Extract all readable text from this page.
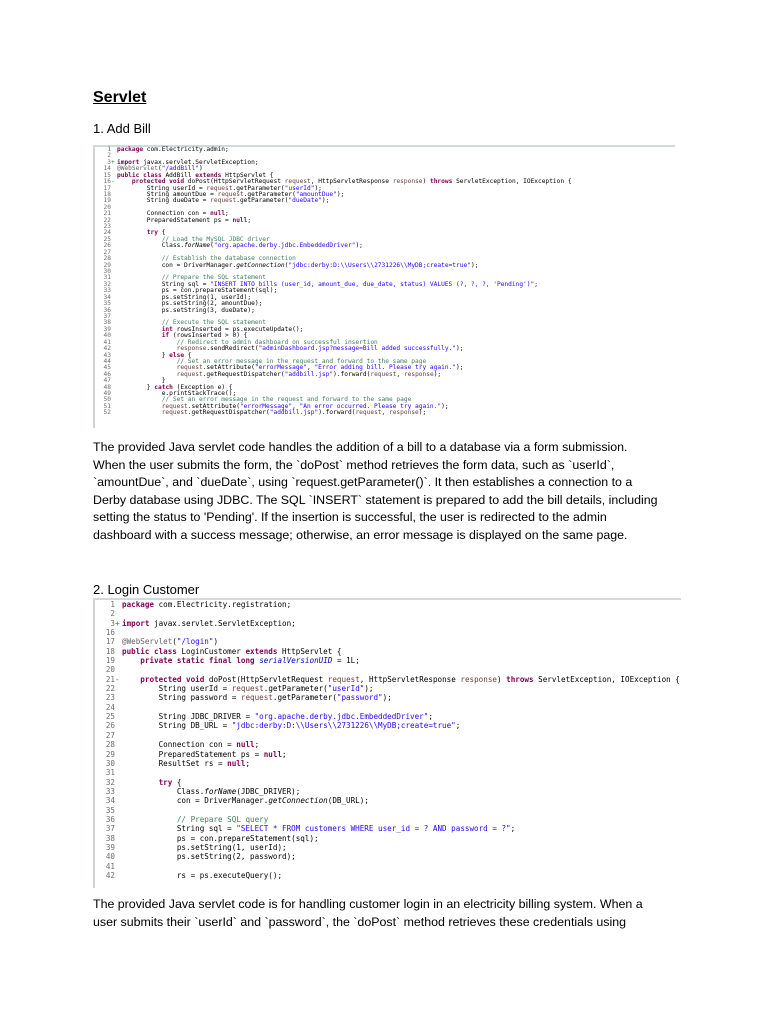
Servlet

1. Add Bill

1 package com.Electricity.admin;
2
3+ import javax.servlet.ServletException;
14 @WebServlet("/addBill")
15 public class AddBill extends HttpServlet {
16-	protected void doPost(HttpServletRequest request, HttpServletResponse response) throws ServletException, IOException {
17        String userId = request.getParameter("userId");
18        String amountDue = request.getParameter("amountDue");
19        String dueDate = request.getParameter("dueDate");
20
21        Connection con = null;
22        PreparedStatement ps = null;
23
24	try {
25            // Load the MySQL JDBC driver
26            Class.forName("org.apache.derby.jdbc.EmbeddedDriver");
27
28            // Establish the database connection
29            con = DriverManager.getConnection("jdbc:derby:D:\\Users\\2731226\\MyDB;create=true");
30
31            // Prepare the SQL statement
32            String sql = "INSERT INTO bills (user_id, amount_due, due_date, status) VALUES (?, ?, ?, 'Pending')";
33            ps = con.prepareStatement(sql);
34            ps.setString(1, userId);
35            ps.setString(2, amountDue);
36            ps.setString(3, dueDate);
37
38            // Execute the SQL statement
39	int rowsInserted = ps.executeUpdate();
40	if (rowsInserted > 0) {
41                // Redirect to admin dashboard on successful insertion
42	response.sendRedirect("adminDashboard.jsp?message=Bill added successfully.");
43            } else {
44                // Set an error message in the request and forward to the same page
45	request.setAttribute("errorMessage", "Error adding bill. Please try again.");
46	request.getRequestDispatcher("addbill.jsp").forward(request, response);
47            }
48        } catch (Exception e) {
49            e.printStackTrace();
50            // Set an error message in the request and forward to the same page
51	request.setAttribute("errorMessage", "An error occurred. Please try again.");
52	request.getRequestDispatcher("addbill.jsp").forward(request, response);
The provided Java servlet code handles the addition of a bill to a database via a form submission.
When the user submits the form, the `doPost` method retrieves the form data, such as `userId`,
`amountDue`, and `dueDate`, using `request.getParameter()`. It then establishes a connection to a
Derby database using JDBC. The SQL `INSERT` statement is prepared to add the bill details, including
setting the status to 'Pending'. If the insertion is successful, the user is redirected to the admin
dashboard with a success message; otherwise, an error message is displayed on the same page.

2. Login Customer

1 package com.Electricity.registration;
2
3+ import javax.servlet.ServletException;
16
17 @WebServlet("/login")
18 public class LoginCustomer extends HttpServlet {
19	private static final long serialVersionUID = 1L;
20
21-	protected void doPost(HttpServletRequest request, HttpServletResponse response) throws ServletException, IOException {
22        String userId = request.getParameter("userId");
23        String password = request.getParameter("password");
24
25        String JDBC_DRIVER = "org.apache.derby.jdbc.EmbeddedDriver";
26        String DB_URL = "jdbc:derby:D:\\Users\\2731226\\MyDB;create=true";
27
28        Connection con = null;
29        PreparedStatement ps = null;
30        ResultSet rs = null;
31
32	try {
33            Class.forName(JDBC_DRIVER);
34            con = DriverManager.getConnection(DB_URL);
35
36            // Prepare SQL query
37            String sql = "SELECT * FROM customers WHERE user_id = ? AND password = ?";
38            ps = con.prepareStatement(sql);
39            ps.setString(1, userId);
40            ps.setString(2, password);
41
42            rs = ps.executeQuery();
The provided Java servlet code is for handling customer login in an electricity billing system. When a
user submits their `userId` and `password`, the `doPost` method retrieves these credentials using
